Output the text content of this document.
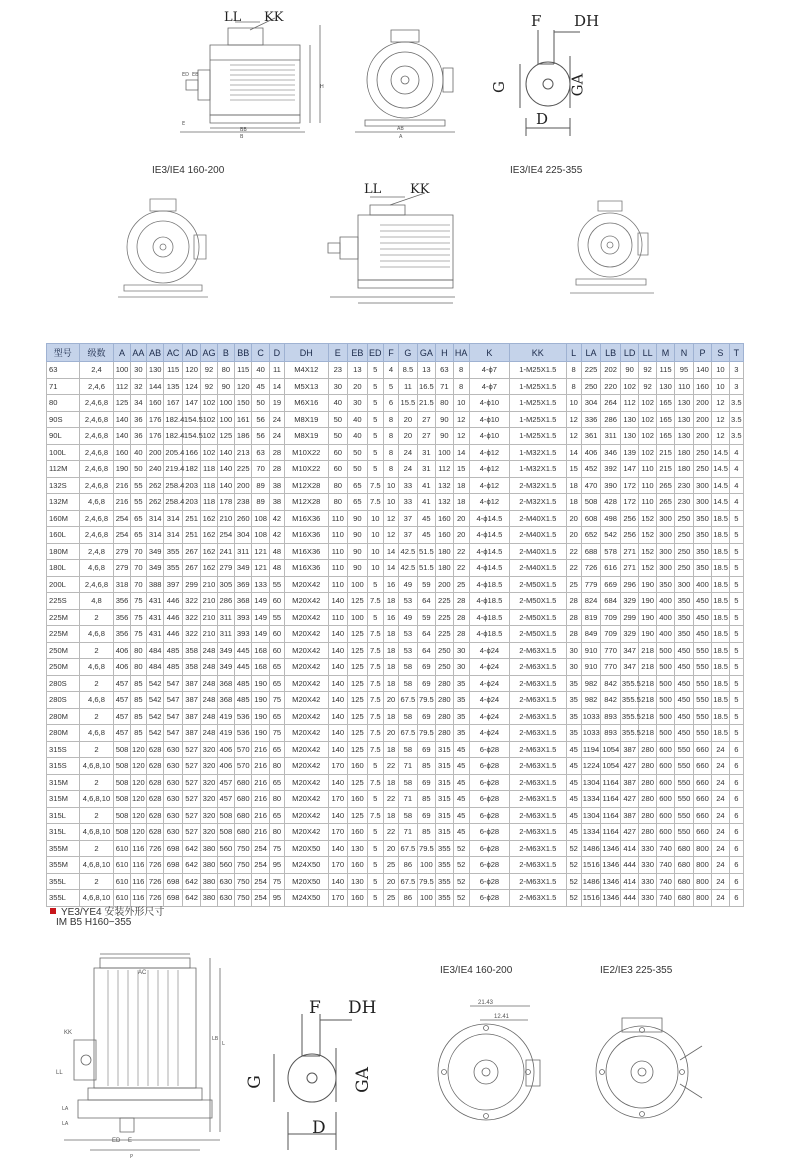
ED EB
E
H
B
BB
LL KK
A
AB
F DH
G	GA
D
IE3/IE4 160-200	IE3/IE4 225-355
LL KK
型号	级数	A	AA	AB	AC	AD	AG	B	BB	C	D	DH	E	EB	ED	F	G	GA	H	HA	K	KK	L	LA	LB	LD	LL	M	N	P	S	T
63	2,4	100	30	130	115	120	92	80	115	40	11	M4X12	23	13	5	4	8.5	13	63	8	4-ϕ7	1-M25X1.5	8	225	202	90	92	115	95	140	10	3
71	2,4,6	112	32	144	135	124	92	90	120	45	14	M5X13	30	20	5	5	11	16.5	71	8	4-ϕ7	1-M25X1.5	8	250	220	102	92	130	110	160	10	3
80	2,4,6,8	125	34	160	167	147	102	100	150	50	19	M6X16	40	30	5	6	15.5	21.5	80	10	4-ϕ10	1-M25X1.5	10	304	264	112	102	165	130	200	12	3.5
90S	2,4,6,8	140	36	176	182.4	154.5	102	100	161	56	24	M8X19	50	40	5	8	20	27	90	12	4-ϕ10	1-M25X1.5	12	336	286	130	102	165	130	200	12	3.5
90L	2,4,6,8	140	36	176	182.4	154.5	102	125	186	56	24	M8X19	50	40	5	8	20	27	90	12	4-ϕ10	1-M25X1.5	12	361	311	130	102	165	130	200	12	3.5
100L	2,4,6,8	160	40	200	205.4	166	102	140	213	63	28	M10X22	60	50	5	8	24	31	100	14	4-ϕ12	1-M32X1.5	14	406	346	139	102	215	180	250	14.5	4
112M	2,4,6,8	190	50	240	219.4	182	118	140	225	70	28	M10X22	60	50	5	8	24	31	112	15	4-ϕ12	1-M32X1.5	15	452	392	147	110	215	180	250	14.5	4
132S	2,4,6,8	216	55	262	258.4	203	118	140	200	89	38	M12X28	80	65	7.5	10	33	41	132	18	4-ϕ12	2-M32X1.5	18	470	390	172	110	265	230	300	14.5	4
132M	4,6,8	216	55	262	258.4	203	118	178	238	89	38	M12X28	80	65	7.5	10	33	41	132	18	4-ϕ12	2-M32X1.5	18	508	428	172	110	265	230	300	14.5	4
160M	2,4,6,8	254	65	314	314	251	162	210	260	108	42	M16X36	110	90	10	12	37	45	160	20	4-ϕ14.5	2-M40X1.5	20	608	498	256	152	300	250	350	18.5	5
160L	2,4,6,8	254	65	314	314	251	162	254	304	108	42	M16X36	110	90	10	12	37	45	160	20	4-ϕ14.5	2-M40X1.5	20	652	542	256	152	300	250	350	18.5	5
180M	2,4,8	279	70	349	355	267	162	241	311	121	48	M16X36	110	90	10	14	42.5	51.5	180	22	4-ϕ14.5	2-M40X1.5	22	688	578	271	152	300	250	350	18.5	5
180L	4,6,8	279	70	349	355	267	162	279	349	121	48	M16X36	110	90	10	14	42.5	51.5	180	22	4-ϕ14.5	2-M40X1.5	22	726	616	271	152	300	250	350	18.5	5
200L	2,4,6,8	318	70	388	397	299	210	305	369	133	55	M20X42	110	100	5	16	49	59	200	25	4-ϕ18.5	2-M50X1.5	25	779	669	296	190	350	300	400	18.5	5
225S	4,8	356	75	431	446	322	210	286	368	149	60	M20X42	140	125	7.5	18	53	64	225	28	4-ϕ18.5	2-M50X1.5	28	824	684	329	190	400	350	450	18.5	5
225M	2	356	75	431	446	322	210	311	393	149	55	M20X42	110	100	5	16	49	59	225	28	4-ϕ18.5	2-M50X1.5	28	819	709	299	190	400	350	450	18.5	5
225M	4,6,8	356	75	431	446	322	210	311	393	149	60	M20X42	140	125	7.5	18	53	64	225	28	4-ϕ18.5	2-M50X1.5	28	849	709	329	190	400	350	450	18.5	5
250M	2	406	80	484	485	358	248	349	445	168	60	M20X42	140	125	7.5	18	53	64	250	30	4-ϕ24	2-M63X1.5	30	910	770	347	218	500	450	550	18.5	5
250M	4,6,8	406	80	484	485	358	248	349	445	168	65	M20X42	140	125	7.5	18	58	69	250	30	4-ϕ24	2-M63X1.5	30	910	770	347	218	500	450	550	18.5	5
280S	2	457	85	542	547	387	248	368	485	190	65	M20X42	140	125	7.5	18	58	69	280	35	4-ϕ24	2-M63X1.5	35	982	842	355.5	218	500	450	550	18.5	5
280S	4,6,8	457	85	542	547	387	248	368	485	190	75	M20X42	140	125	7.5	20	67.5	79.5	280	35	4-ϕ24	2-M63X1.5	35	982	842	355.5	218	500	450	550	18.5	5
280M	2	457	85	542	547	387	248	419	536	190	65	M20X42	140	125	7.5	18	58	69	280	35	4-ϕ24	2-M63X1.5	35	1033	893	355.5	218	500	450	550	18.5	5
280M	4,6,8	457	85	542	547	387	248	419	536	190	75	M20X42	140	125	7.5	20	67.5	79.5	280	35	4-ϕ24	2-M63X1.5	35	1033	893	355.5	218	500	450	550	18.5	5
315S	2	508	120	628	630	527	320	406	570	216	65	M20X42	140	125	7.5	18	58	69	315	45	6-ϕ28	2-M63X1.5	45	1194	1054	387	280	600	550	660	24	6
315S	4,6,8,10	508	120	628	630	527	320	406	570	216	80	M20X42	170	160	5	22	71	85	315	45	6-ϕ28	2-M63X1.5	45	1224	1054	427	280	600	550	660	24	6
315M	2	508	120	628	630	527	320	457	680	216	65	M20X42	140	125	7.5	18	58	69	315	45	6-ϕ28	2-M63X1.5	45	1304	1164	387	280	600	550	660	24	6
315M	4,6,8,10	508	120	628	630	527	320	457	680	216	80	M20X42	170	160	5	22	71	85	315	45	6-ϕ28	2-M63X1.5	45	1334	1164	427	280	600	550	660	24	6
315L	2	508	120	628	630	527	320	508	680	216	65	M20X42	140	125	7.5	18	58	69	315	45	6-ϕ28	2-M63X1.5	45	1304	1164	387	280	600	550	660	24	6
315L	4,6,8,10	508	120	628	630	527	320	508	680	216	80	M20X42	170	160	5	22	71	85	315	45	6-ϕ28	2-M63X1.5	45	1334	1164	427	280	600	550	660	24	6
355M	2	610	116	726	698	642	380	560	750	254	75	M20X50	140	130	5	20	67.5	79.5	355	52	6-ϕ28	2-M63X1.5	52	1486	1346	414	330	740	680	800	24	6
355M	4,6,8,10	610	116	726	698	642	380	560	750	254	95	M24X50	170	160	5	25	86	100	355	52	6-ϕ28	2-M63X1.5	52	1516	1346	444	330	740	680	800	24	6
355L	2	610	116	726	698	642	380	630	750	254	75	M20X50	140	130	5	20	67.5	79.5	355	52	6-ϕ28	2-M63X1.5	52	1486	1346	414	330	740	680	800	24	6
355L	4,6,8,10	610	116	726	698	642	380	630	750	254	95	M24X50	170	160	5	25	86	100	355	52	6-ϕ28	2-M63X1.5	52	1516	1346	444	330	740	680	800	24	6
YE3/YE4 安装外形尺寸
IM B5 H160−355
LB
L
LA
LA
P
AC
KK
LL
ED E
F DH
G	GA
D
IE3/IE4 160-200	IE2/IE3 225-355
21.43
12.41
